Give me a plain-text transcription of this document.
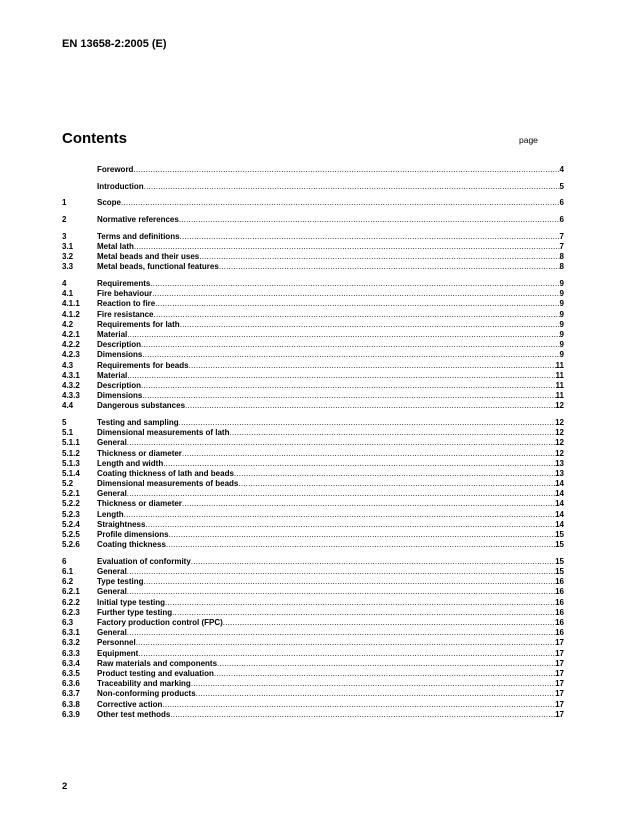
EN 13658-2:2005 (E)
Contents	page
Foreword .....	4
Introduction .....	5
1	Scope .....	6
2	Normative references .....	6
3	Terms and definitions .....	7
3.1	Metal lath .....	7
3.2	Metal beads and their uses .....	8
3.3	Metal beads, functional features .....	8
4	Requirements .....	9
4.1	Fire behaviour .....	9
4.1.1	Reaction to fire .....	9
4.1.2	Fire resistance .....	9
4.2	Requirements for lath .....	9
4.2.1	Material .....	9
4.2.2	Description .....	9
4.2.3	Dimensions .....	9
4.3	Requirements for beads .....	11
4.3.1	Material .....	11
4.3.2	Description .....	11
4.3.3	Dimensions .....	11
4.4	Dangerous substances .....	12
5	Testing and sampling .....	12
5.1	Dimensional measurements of lath .....	12
5.1.1	General .....	12
5.1.2	Thickness or diameter .....	12
5.1.3	Length and width .....	13
5.1.4	Coating thickness of lath and beads .....	13
5.2	Dimensional measurements of beads .....	14
5.2.1	General .....	14
5.2.2	Thickness or diameter .....	14
5.2.3	Length .....	14
5.2.4	Straightness .....	14
5.2.5	Profile dimensions .....	15
5.2.6	Coating thickness .....	15
6	Evaluation of conformity .....	15
6.1	General .....	15
6.2	Type testing .....	16
6.2.1	General .....	16
6.2.2	Initial type testing .....	16
6.2.3	Further type testing .....	16
6.3	Factory production control (FPC) .....	16
6.3.1	General .....	16
6.3.2	Personnel .....	17
6.3.3	Equipment .....	17
6.3.4	Raw materials and components .....	17
6.3.5	Product testing and evaluation .....	17
6.3.6	Traceability and marking .....	17
6.3.7	Non-conforming products .....	17
6.3.8	Corrective action .....	17
6.3.9	Other test methods .....	17
2
